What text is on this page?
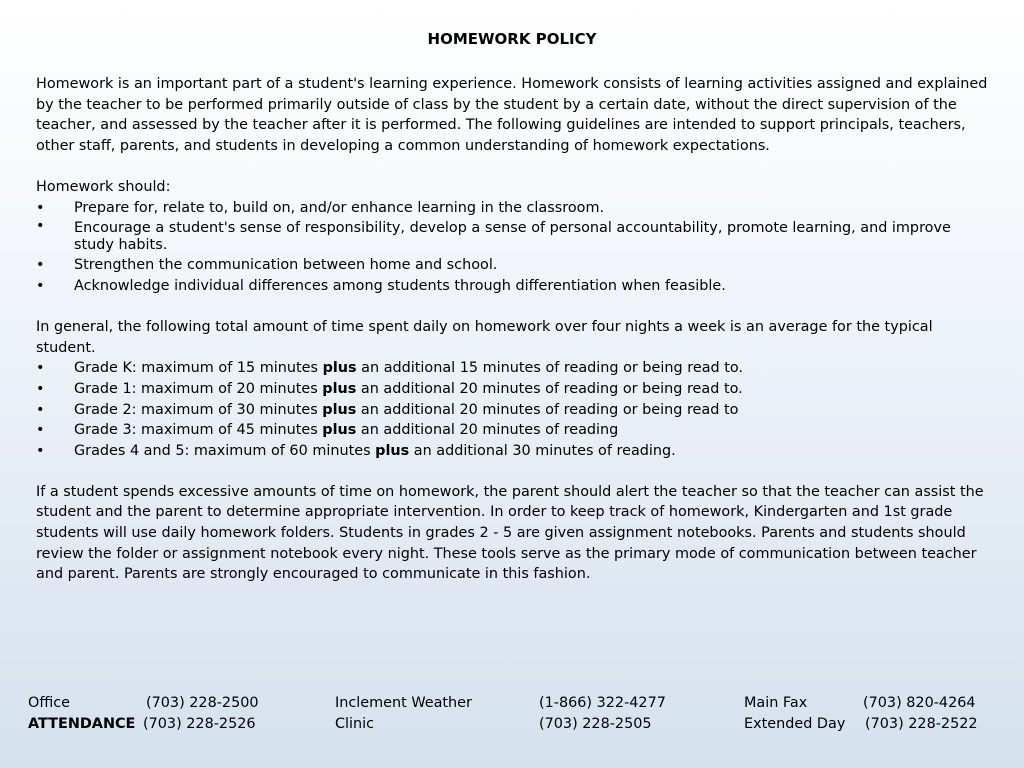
HOMEWORK POLICY

Homework is an important part of a student's learning experience. Homework consists of learning activities assigned and explained by the teacher to be performed primarily outside of class by the student by a certain date, without the direct supervision of the teacher, and assessed by the teacher after it is performed. The following guidelines are intended to support principals, teachers, other staff, parents, and students in developing a common understanding of homework expectations.

Homework should:

• Prepare for, relate to, build on, and/or enhance learning in the classroom.
• Encourage a student's sense of responsibility, develop a sense of personal accountability, promote learning, and improve study habits.
• Strengthen the communication between home and school.
• Acknowledge individual differences among students through differentiation when feasible.

In general, the following total amount of time spent daily on homework over four nights a week is an average for the typical student.

• Grade K: maximum of 15 minutes plus an additional 15 minutes of reading or being read to.
• Grade 1: maximum of 20 minutes plus an additional 20 minutes of reading or being read to.
• Grade 2: maximum of 30 minutes plus an additional 20 minutes of reading or being read to
• Grade 3: maximum of 45 minutes plus an additional 20 minutes of reading
• Grades 4 and 5: maximum of 60 minutes plus an additional 30 minutes of reading.

If a student spends excessive amounts of time on homework, the parent should alert the teacher so that the teacher can assist the student and the parent to determine appropriate intervention. In order to keep track of homework, Kindergarten and 1st grade students will use daily homework folders. Students in grades 2 - 5 are given assignment notebooks. Parents and students should review the folder or assignment notebook every night. These tools serve as the primary mode of communication between teacher and parent. Parents are strongly encouraged to communicate in this fashion.

Office	(703) 228-2500	Inclement Weather	(1-866) 322-4277	Main Fax	(703) 820-4264
ATTENDANCE (703) 228-2526	Clinic	(703) 228-2505	Extended Day (703) 228-2522
